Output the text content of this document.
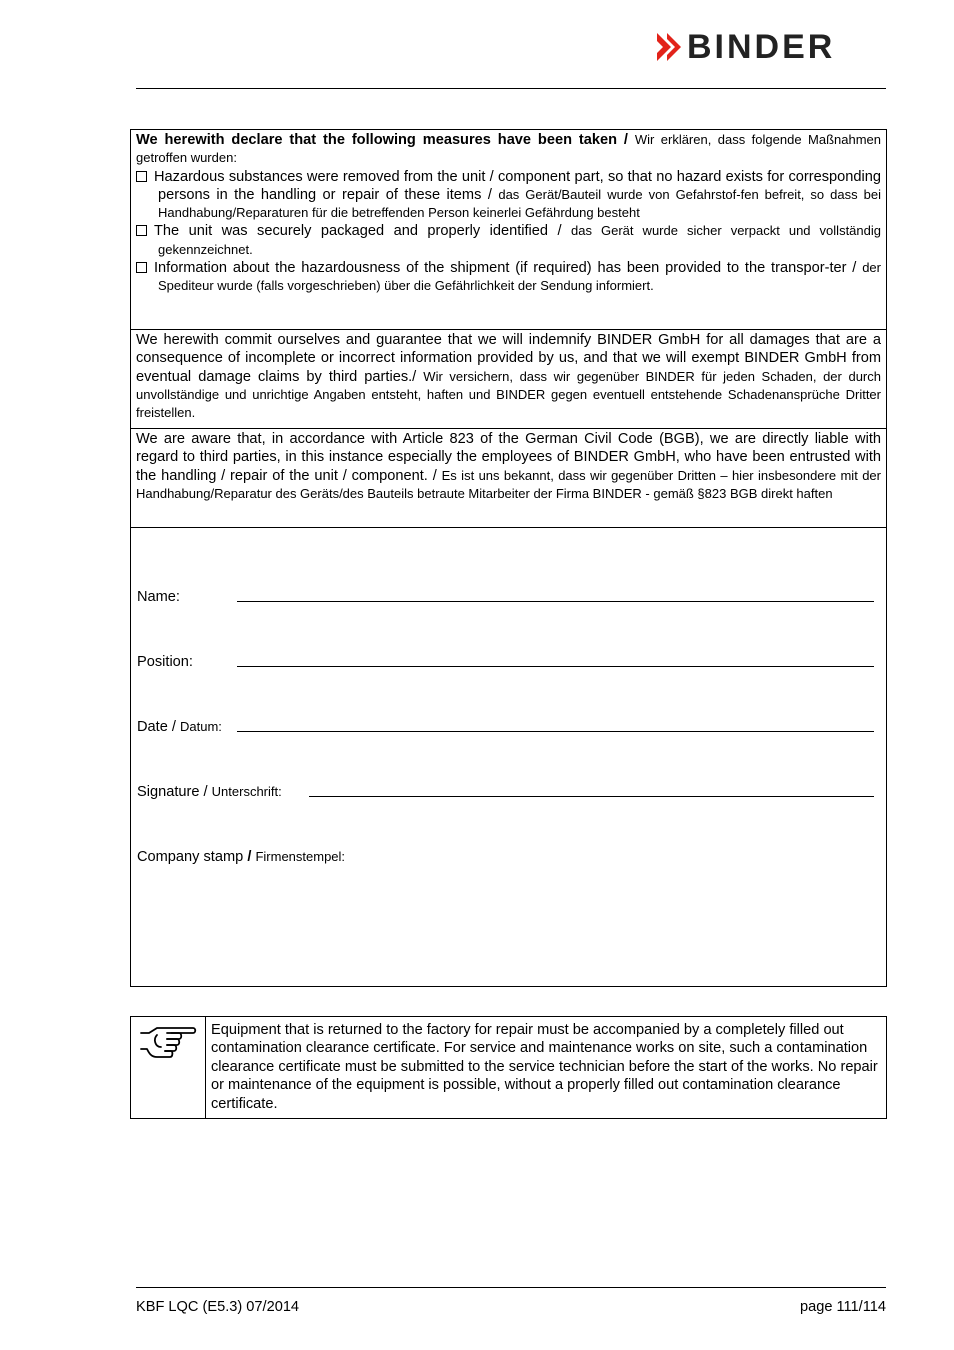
BINDER

We herewith declare that the following measures have been taken / Wir erklären, dass folgende Maßnahmen getroffen wurden:

Hazardous substances were removed from the unit / component part, so that no hazard exists for corresponding persons in the handling or repair of these items / das Gerät/Bauteil wurde von Gefahrstof-fen befreit, so dass bei Handhabung/Reparaturen für die betreffenden Person keinerlei Gefährdung besteht

The unit was securely packaged and properly identified / das Gerät wurde sicher verpackt und vollständig gekennzeichnet.

Information about the hazardousness of the shipment (if required) has been provided to the transpor-ter / der Spediteur wurde (falls vorgeschrieben) über die Gefährlichkeit der Sendung informiert.

We herewith commit ourselves and guarantee that we will indemnify BINDER GmbH for all damages that are a consequence of incomplete or incorrect information provided by us, and that we will exempt BINDER GmbH from eventual damage claims by third parties./ Wir versichern, dass wir gegenüber BINDER für jeden Schaden, der durch unvollständige und unrichtige Angaben entsteht, haften und BINDER gegen eventuell entstehende Schadenansprüche Dritter freistellen.

We are aware that, in accordance with Article 823 of the German Civil Code (BGB), we are directly liable with regard to third parties, in this instance especially the employees of BINDER GmbH, who have been entrusted with the handling / repair of the unit / component. / Es ist uns bekannt, dass wir gegenüber Dritten – hier insbesondere mit der Handhabung/Reparatur des Geräts/des Bauteils betraute Mitarbeiter der Firma BINDER - gemäß §823 BGB direkt haften

Name:
Position:
Date / Datum:
Signature / Unterschrift:
Company stamp / Firmenstempel:
Equipment that is returned to the factory for repair must be accompanied by a completely filled out contamination clearance certificate. For service and maintenance works on site, such a contamination clearance certificate must be submitted to the service technician before the start of the works. No repair or maintenance of the equipment is possible, without a properly filled out contamination clearance certificate.
KBF LQC (E5.3) 07/2014	page 111/114
